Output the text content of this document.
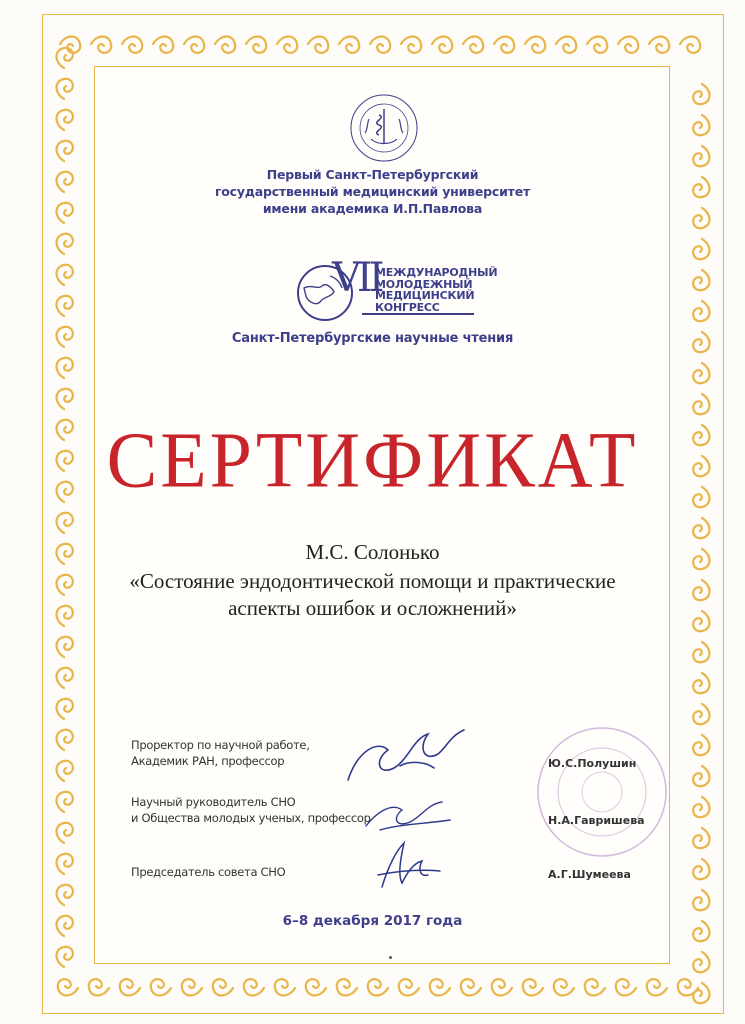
Первый Санкт-Петербургский
государственный медицинский университет
имени академика И.П.Павлова
VII
МЕЖДУНАРОДНЫЙ
МОЛОДЕЖНЫЙ
МЕДИЦИНСКИЙ
КОНГРЕСС
Санкт-Петербургские научные чтения
СЕРТИФИКАТ
М.С. Солонько
«Состояние эндодонтической помощи и практические
аспекты ошибок и осложнений»
Проректор по научной работе,
Академик РАН, профессор
Научный руководитель СНО
и Общества молодых ученых, профессор
Председатель совета СНО
Ю.С.Полушин
Н.А.Гавришева
А.Г.Шумеева
6–8 декабря 2017 года
